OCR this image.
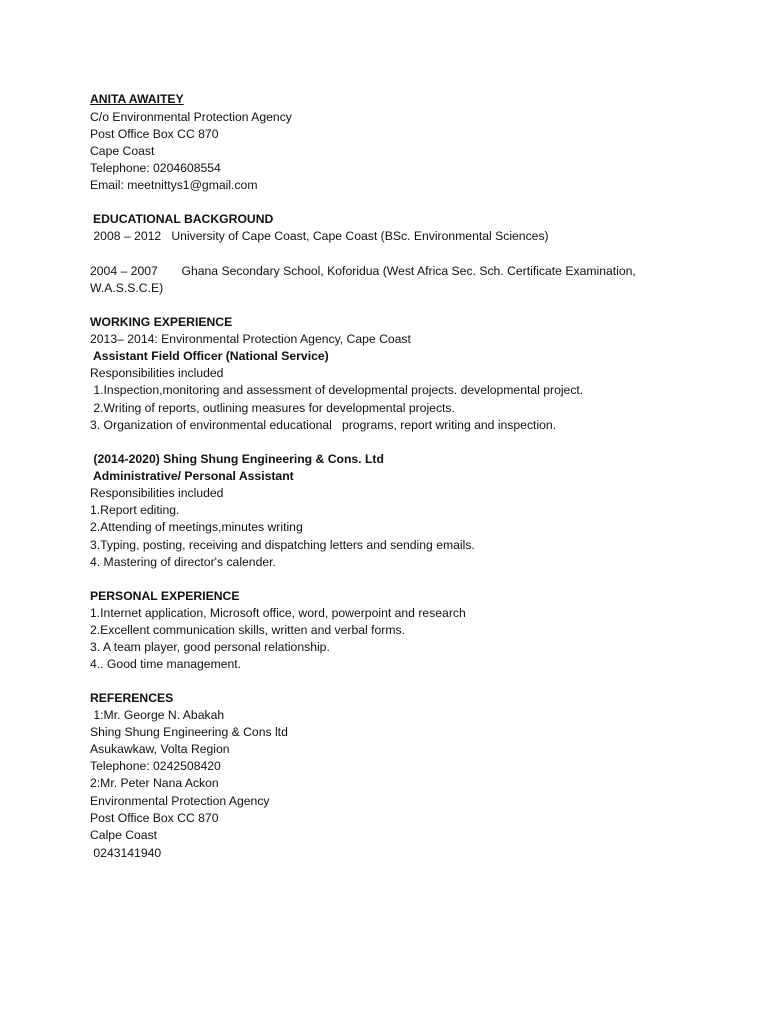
ANITA AWAITEY
C/o Environmental Protection Agency
Post Office Box CC 870
Cape Coast
Telephone: 0204608554
Email: meetnittys1@gmail.com
EDUCATIONAL BACKGROUND
2008 – 2012   University of Cape Coast, Cape Coast (BSc. Environmental Sciences)
2004 – 2007       Ghana Secondary School, Koforidua (West Africa Sec. Sch. Certificate Examination,
W.A.S.S.C.E)
WORKING EXPERIENCE
2013– 2014: Environmental Protection Agency, Cape Coast
Assistant Field Officer (National Service)
Responsibilities included
1.Inspection,monitoring and assessment of developmental projects. developmental project.
2.Writing of reports, outlining measures for developmental projects.
3. Organization of environmental educational   programs, report writing and inspection.
(2014-2020) Shing Shung Engineering & Cons. Ltd
Administrative/ Personal Assistant
Responsibilities included
1.Report editing.
2.Attending of meetings,minutes writing
3.Typing, posting, receiving and dispatching letters and sending emails.
4. Mastering of director's calender.
PERSONAL EXPERIENCE
1.Internet application, Microsoft office, word, powerpoint and research
2.Excellent communication skills, written and verbal forms.
3. A team player, good personal relationship.
4.. Good time management.
REFERENCES
1:Mr. George N. Abakah
Shing Shung Engineering & Cons ltd
Asukawkaw, Volta Region
Telephone: 0242508420
2:Mr. Peter Nana Ackon
Environmental Protection Agency
Post Office Box CC 870
Calpe Coast
0243141940
